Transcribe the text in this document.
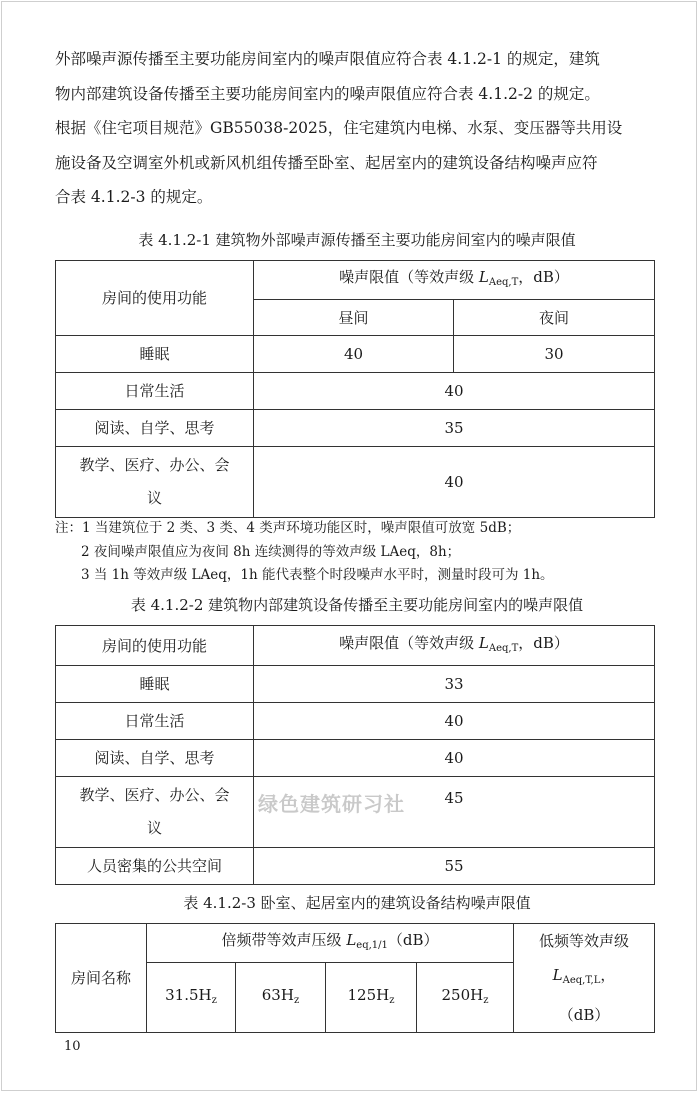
外部噪声源传播至主要功能房间室内的噪声限值应符合表 4.1.2-1 的规定，建筑

物内部建筑设备传播至主要功能房间室内的噪声限值应符合表 4.1.2-2 的规定。

根据《住宅项目规范》GB55038-2025，住宅建筑内电梯、水泵、变压器等共用设

施设备及空调室外机或新风机组传播至卧室、起居室内的建筑设备结构噪声应符

合表 4.1.2-3 的规定。

表 4.1.2-1 建筑物外部噪声源传播至主要功能房间室内的噪声限值
房间的使用功能	噪声限值（等效声级 $L_{Aeq,T}$，dB）	
	昼间	夜间
睡眠	40	30
日常生活	40	
阅读、自学、思考	35	

教学、医疗、办公、会
议	40	
注：1 当建筑位于 2 类、3 类、4 类声环境功能区时，噪声限值可放宽 5dB；
2 夜间噪声限值应为夜间 8h 连续测得的等效声级 LAeq，8h；
3 当 1h 等效声级 LAeq，1h 能代表整个时段噪声水平时，测量时段可为 1h。
表 4.1.2-2 建筑物内部建筑设备传播至主要功能房间室内的噪声限值
房间的使用功能	噪声限值（等效声级 $L_{Aeq,T}$，dB）
睡眠	33
日常生活	40
阅读、自学、思考	40

教学、医疗、办公、会
议	45
人员密集的公共空间	55
绿色建筑研习社
表 4.1.2-3 卧室、起居室内的建筑设备结构噪声限值
房间名称	倍频带等效声压级 $L_{eq,1/1}(dB)$				低频等效声级
$L_{Aeq,T,L}$，
（dB）

	$31.5H_z$	$63H_z$	$125H_z$	$250H_z$
10
